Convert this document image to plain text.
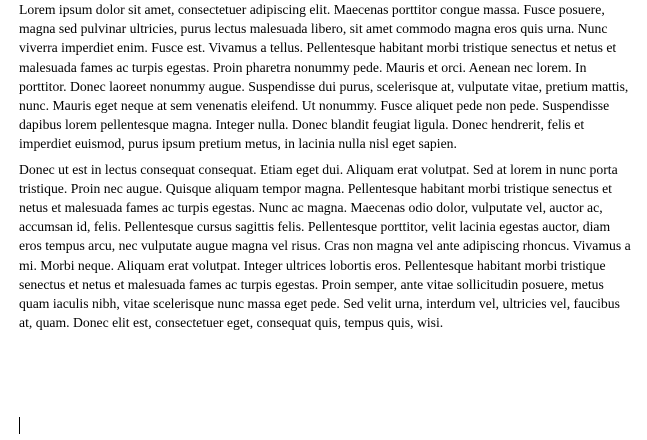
Lorem ipsum dolor sit amet, consectetuer adipiscing elit. Maecenas porttitor congue massa. Fusce posuere, magna sed pulvinar ultricies, purus lectus malesuada libero, sit amet commodo magna eros quis urna. Nunc viverra imperdiet enim. Fusce est. Vivamus a tellus. Pellentesque habitant morbi tristique senectus et netus et malesuada fames ac turpis egestas. Proin pharetra nonummy pede. Mauris et orci. Aenean nec lorem. In porttitor. Donec laoreet nonummy augue. Suspendisse dui purus, scelerisque at, vulputate vitae, pretium mattis, nunc. Mauris eget neque at sem venenatis eleifend. Ut nonummy. Fusce aliquet pede non pede. Suspendisse dapibus lorem pellentesque magna. Integer nulla. Donec blandit feugiat ligula. Donec hendrerit, felis et imperdiet euismod, purus ipsum pretium metus, in lacinia nulla nisl eget sapien.

Donec ut est in lectus consequat consequat. Etiam eget dui. Aliquam erat volutpat. Sed at lorem in nunc porta tristique. Proin nec augue. Quisque aliquam tempor magna. Pellentesque habitant morbi tristique senectus et netus et malesuada fames ac turpis egestas. Nunc ac magna. Maecenas odio dolor, vulputate vel, auctor ac, accumsan id, felis. Pellentesque cursus sagittis felis. Pellentesque porttitor, velit lacinia egestas auctor, diam eros tempus arcu, nec vulputate augue magna vel risus. Cras non magna vel ante adipiscing rhoncus. Vivamus a mi. Morbi neque. Aliquam erat volutpat. Integer ultrices lobortis eros. Pellentesque habitant morbi tristique senectus et netus et malesuada fames ac turpis egestas. Proin semper, ante vitae sollicitudin posuere, metus quam iaculis nibh, vitae scelerisque nunc massa eget pede. Sed velit urna, interdum vel, ultricies vel, faucibus at, quam. Donec elit est, consectetuer eget, consequat quis, tempus quis, wisi.
